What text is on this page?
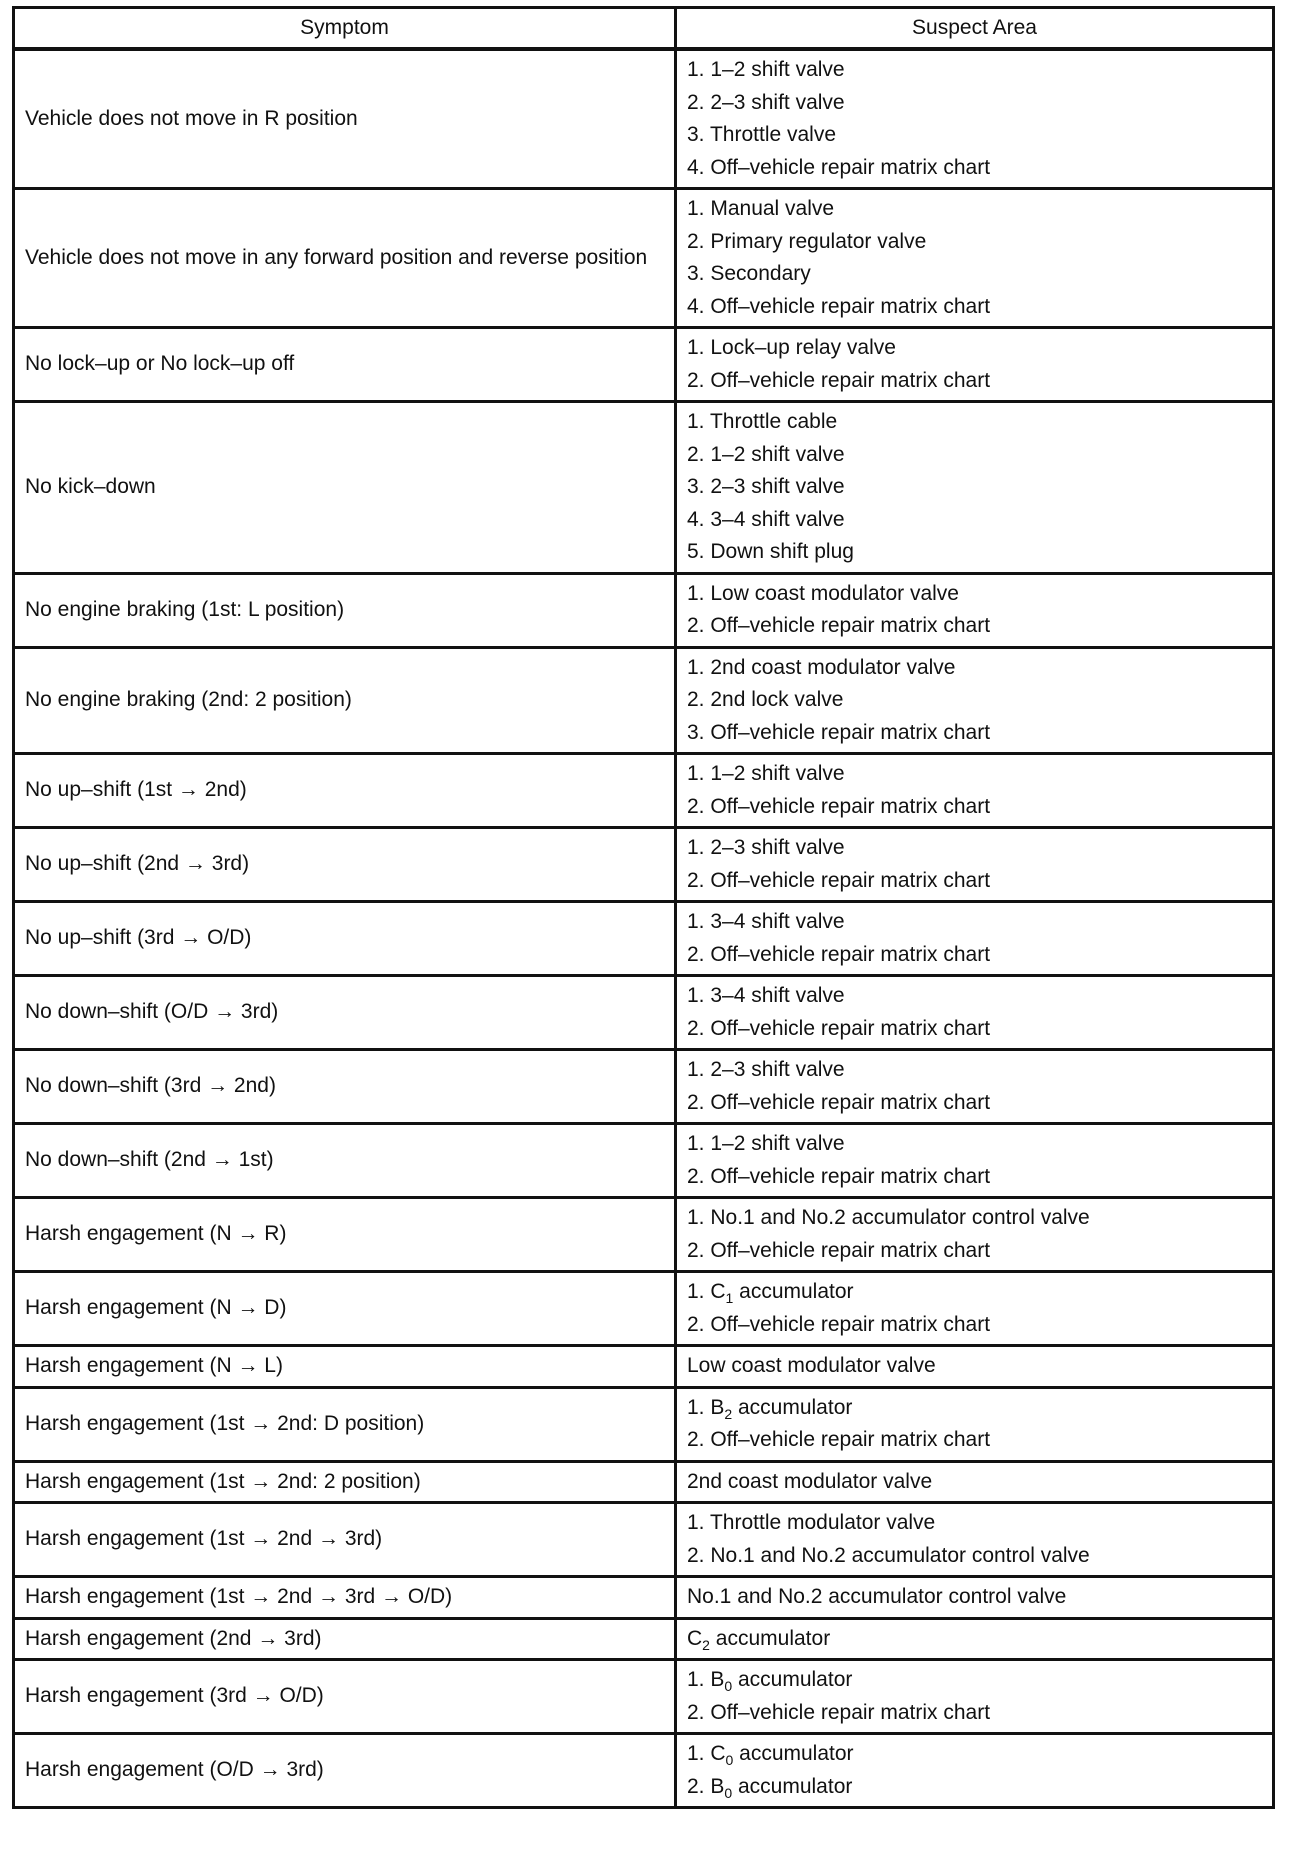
Symptom	Suspect Area
Vehicle does not move in R position	1. 1–2 shift valve
2. 2–3 shift valve
3. Throttle valve
4. Off–vehicle repair matrix chart

Vehicle does not move in any forward position and reverse position	1. Manual valve
2. Primary regulator valve
3. Secondary
4. Off–vehicle repair matrix chart

No lock–up or No lock–up off	1. Lock–up relay valve
2. Off–vehicle repair matrix chart

No kick–down	1. Throttle cable
2. 1–2 shift valve
3. 2–3 shift valve
4. 3–4 shift valve
5. Down shift plug

No engine braking (1st: L position)	1. Low coast modulator valve
2. Off–vehicle repair matrix chart

No engine braking (2nd: 2 position)	1. 2nd coast modulator valve
2. 2nd lock valve
3. Off–vehicle repair matrix chart

No up–shift (1st → 2nd)	1. 1–2 shift valve
2. Off–vehicle repair matrix chart

No up–shift (2nd → 3rd)	1. 2–3 shift valve
2. Off–vehicle repair matrix chart

No up–shift (3rd → O/D)	1. 3–4 shift valve
2. Off–vehicle repair matrix chart

No down–shift (O/D → 3rd)	1. 3–4 shift valve
2. Off–vehicle repair matrix chart

No down–shift (3rd → 2nd)	1. 2–3 shift valve
2. Off–vehicle repair matrix chart

No down–shift (2nd → 1st)	1. 1–2 shift valve
2. Off–vehicle repair matrix chart

Harsh engagement (N → R)	1. No.1 and No.2 accumulator control valve
2. Off–vehicle repair matrix chart

Harsh engagement (N → D)	1. $C_1$ accumulator
2. Off–vehicle repair matrix chart

Harsh engagement (N → L)	Low coast modulator valve

Harsh engagement (1st → 2nd: D position)	1. $B_2$ accumulator
2. Off–vehicle repair matrix chart

Harsh engagement (1st → 2nd: 2 position)	2nd coast modulator valve

Harsh engagement (1st → 2nd → 3rd)	1. Throttle modulator valve
2. No.1 and No.2 accumulator control valve

Harsh engagement (1st → 2nd → 3rd → O/D)	No.1 and No.2 accumulator control valve

Harsh engagement (2nd → 3rd)	$C_2$ accumulator

Harsh engagement (3rd → O/D)	1. $B_0$ accumulator
2. Off–vehicle repair matrix chart

Harsh engagement (O/D → 3rd)	1. $C_0$ accumulator
2. $B_0$ accumulator
